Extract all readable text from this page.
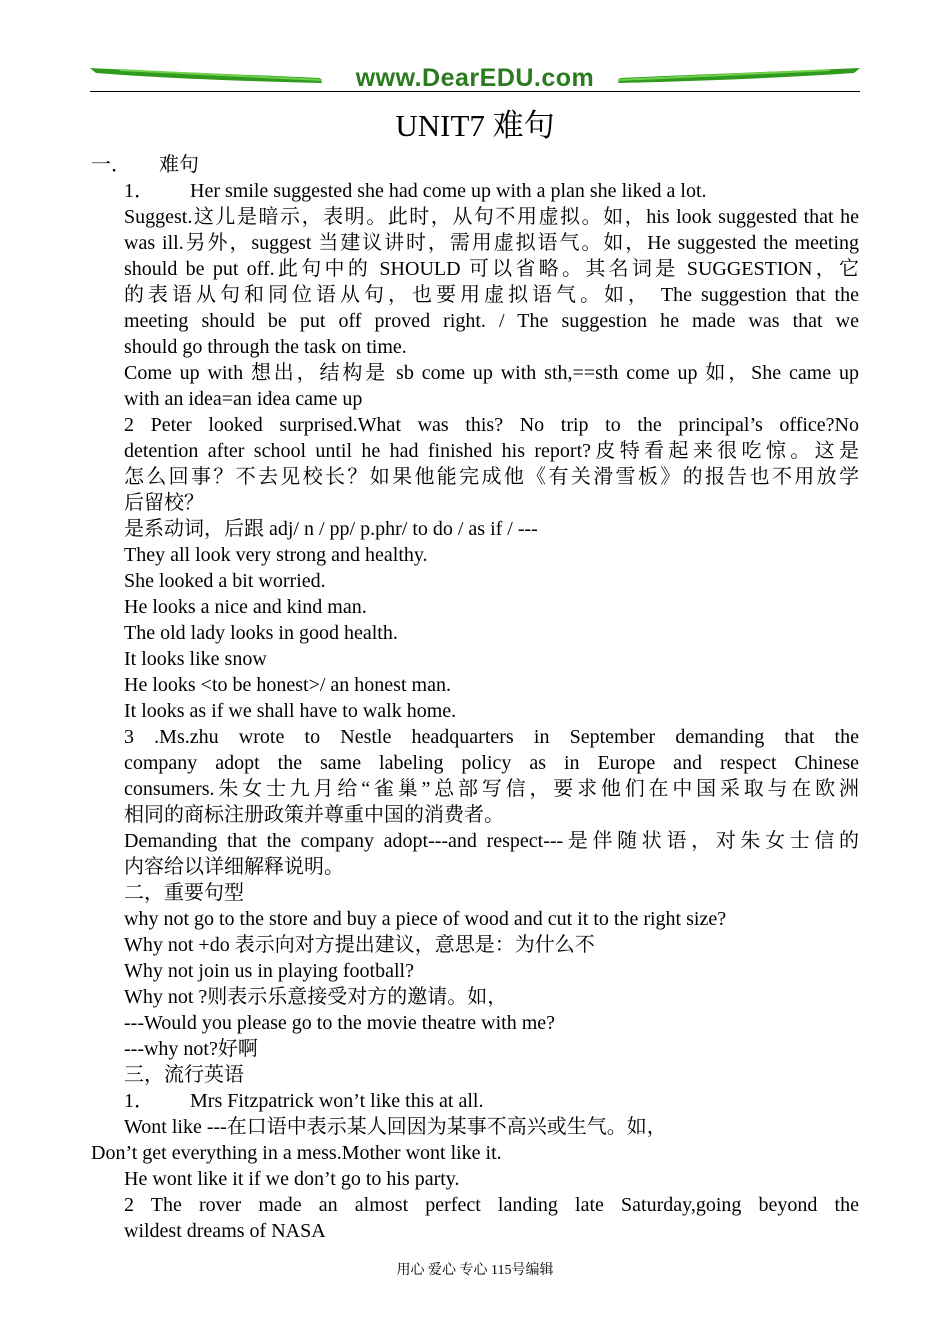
www.DearEDU.com
UNIT7 难句
一． 难句
1． Her smile suggested she had come up with a plan she liked a lot.
Suggest.这儿是暗示，表明。此时，从句不用虚拟。如，his look suggested that he
was ill.另外，suggest 当建议讲时，需用虚拟语气。如，He suggested the meeting
should be put off.此句中的 SHOULD 可以省略。其名词是 SUGGESTION，它
的表语从句和同位语从句，也要用虚拟语气。如， The suggestion that the
meeting should be put off proved right. / The suggestion he made was that we
should go through the task on time.
Come up with 想出，结构是 sb come up with sth,==sth come up 如，She came up
with an idea=an idea came up
2 Peter looked surprised.What was this? No trip to the principal’s office?No
detention after school until he had finished his report?皮特看起来很吃惊。这是
怎么回事？不去见校长？如果他能完成他《有关滑雪板》的报告也不用放学
后留校？
是系动词，后跟 adj/ n / pp/ p.phr/ to do / as if / ---
They all look very strong and healthy.
She looked a bit worried.
He looks a nice and kind man.
The old lady looks in good health.
It looks like snow
He looks <to be honest>/ an honest man.
It looks as if we shall have to walk home.
3 .Ms.zhu wrote to Nestle headquarters in September demanding that the
company adopt the same labeling policy as in Europe and respect Chinese
consumers.朱女士九月给“雀巢”总部写信，要求他们在中国采取与在欧洲
相同的商标注册政策并尊重中国的消费者。
Demanding that the company adopt---and respect---是伴随状语，对朱女士信的
内容给以详细解释说明。
二，重要句型
why not go to the store and buy a piece of wood and cut it to the right size?
Why not +do 表示向对方提出建议，意思是：为什么不
Why not join us in playing football?
Why not ?则表示乐意接受对方的邀请。如，
---Would you please go to the movie theatre with me?
---why not?好啊
三，流行英语
1． Mrs Fitzpatrick won’t like this at all.
Wont like ---在口语中表示某人回因为某事不高兴或生气。如，
Don’t get everything in a mess.Mother wont like it.
He wont like it if we don’t go to his party.
2 The rover made an almost perfect landing late Saturday,going beyond the
wildest dreams of NASA
用心 爱心 专心 115号编辑
